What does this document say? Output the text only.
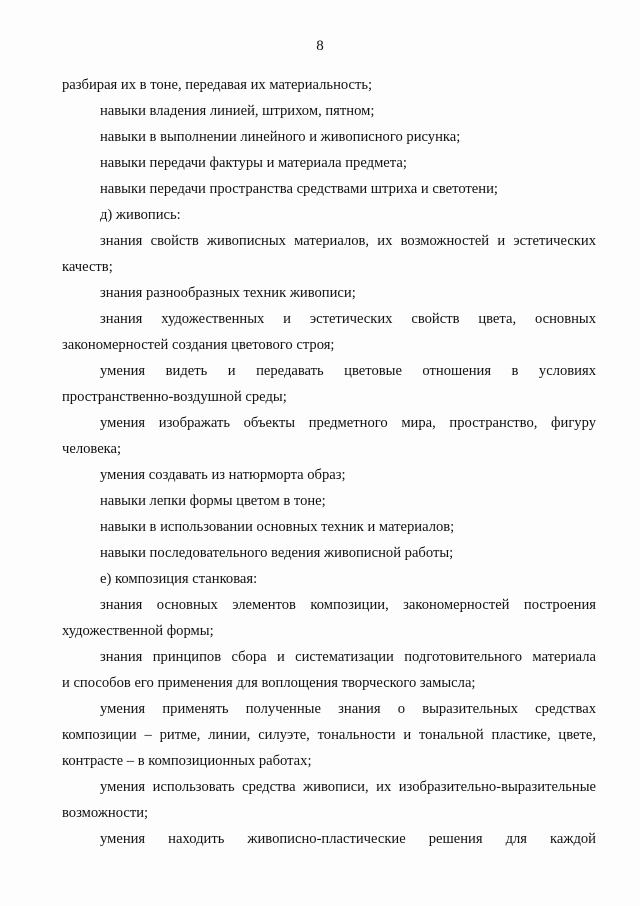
8
разбирая их в тоне, передавая их материальность;
навыки владения линией, штрихом, пятном;
навыки в выполнении линейного и живописного рисунка;
навыки передачи фактуры и материала предмета;
навыки передачи пространства средствами штриха и светотени;
д) живопись:
знания свойств живописных материалов, их возможностей и эстетических
качеств;
знания разнообразных техник живописи;
знания художественных и эстетических свойств цвета, основных
закономерностей создания цветового строя;
умения видеть и передавать цветовые отношения в условиях
пространственно-воздушной среды;
умения изображать объекты предметного мира, пространство, фигуру
человека;
умения создавать из натюрморта образ;
навыки лепки формы цветом в тоне;
навыки в использовании основных техник и материалов;
навыки последовательного ведения живописной работы;
е) композиция станковая:
знания основных элементов композиции, закономерностей построения
художественной формы;
знания принципов сбора и систематизации подготовительного материала
и способов его применения для воплощения творческого замысла;
умения применять полученные знания о выразительных средствах
композиции – ритме, линии, силуэте, тональности и тональной пластике, цвете,
контрасте – в композиционных работах;
умения использовать средства живописи, их изобразительно-выразительные
возможности;
умения находить живописно-пластические решения для каждой
